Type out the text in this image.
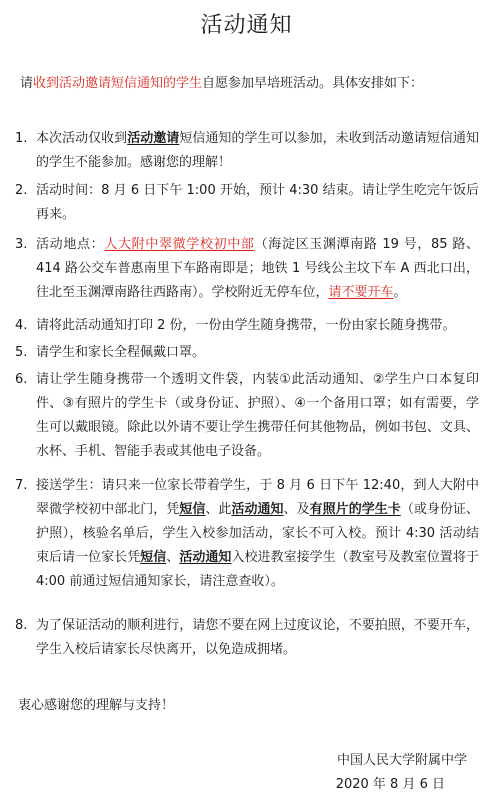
活动通知
请收到活动邀请短信通知的学生自愿参加早培班活动。具体安排如下：
1. 本次活动仅收到活动邀请短信通知的学生可以参加，未收到活动邀请短信通知的学生不能参加。感谢您的理解！
2. 活动时间：8 月 6 日下午 1:00 开始，预计 4:30 结束。请让学生吃完午饭后再来。
3. 活动地点：人大附中翠微学校初中部（海淀区玉渊潭南路 19 号，85 路、414 路公交车普惠南里下车路南即是；地铁 1 号线公主坟下车 A 西北口出，往北至玉渊潭南路往西路南）。学校附近无停车位，请不要开车。
4. 请将此活动通知打印 2 份，一份由学生随身携带，一份由家长随身携带。
5. 请学生和家长全程佩戴口罩。
6. 请让学生随身携带一个透明文件袋，内装①此活动通知、②学生户口本复印件、③有照片的学生卡（或身份证、护照）、④一个备用口罩；如有需要，学生可以戴眼镜。除此以外请不要让学生携带任何其他物品，例如书包、文具、水杯、手机、智能手表或其他电子设备。
7. 接送学生：请只来一位家长带着学生，于 8 月 6 日下午 12:40，到人大附中翠微学校初中部北门，凭短信、此活动通知、及有照片的学生卡（或身份证、护照），核验名单后，学生入校参加活动，家长不可入校。预计 4:30 活动结束后请一位家长凭短信、活动通知入校进教室接学生（教室号及教室位置将于 4:00 前通过短信通知家长，请注意查收）。
8. 为了保证活动的顺利进行，请您不要在网上过度议论，不要拍照，不要开车，学生入校后请家长尽快离开，以免造成拥堵。
衷心感谢您的理解与支持！
中国人民大学附属中学
2020 年 8 月 6 日
